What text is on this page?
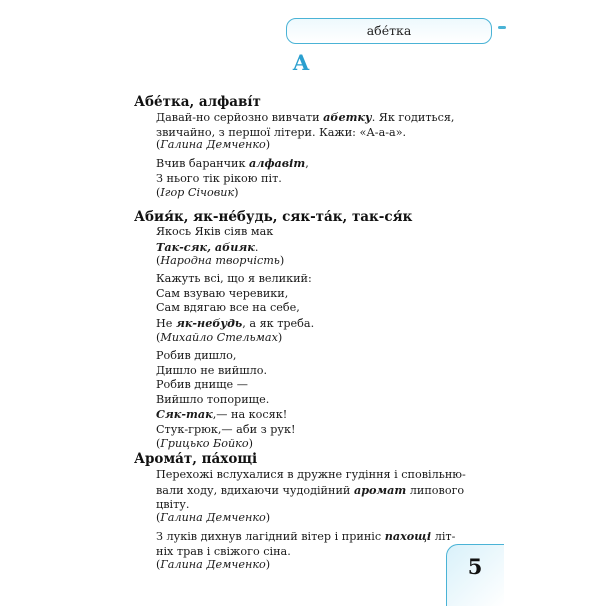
абе́тка
А
Абе́тка, алфаві́т
Давай-но серйозно вивчати абетку. Як годиться,
звичайно, з першої літери. Кажи: «А-а-а».
(Галина Демченко)
Вчив баранчик алфавіт,
З нього тік рікою піт.
(Ігор Січовик)
Абия́к, як-не́будь, сяк-та́к, так-ся́к
Якось Яків сіяв мак
Так-сяк, абияк.
(Народна творчість)
Кажуть всі, що я великий:
Сам взуваю черевики,
Сам вдягаю все на себе,
Не як-небудь, а як треба.
(Михайло Стельмах)
Робив дишло,
Дишло не вийшло.
Робив днище —
Вийшло топорище.
Сяк-так,— на косяк!
Стук-грюк,— аби з рук!
(Грицько Бойко)
Арома́т, па́хощі
Перехожі вслухалися в дружне гудіння і сповільню-
вали ходу, вдихаючи чудодійний аромат липового
цвіту.
(Галина Демченко)
З луків дихнув лагідний вітер і приніс пахощі літ-
ніх трав і свіжого сіна.
(Галина Демченко)	5
